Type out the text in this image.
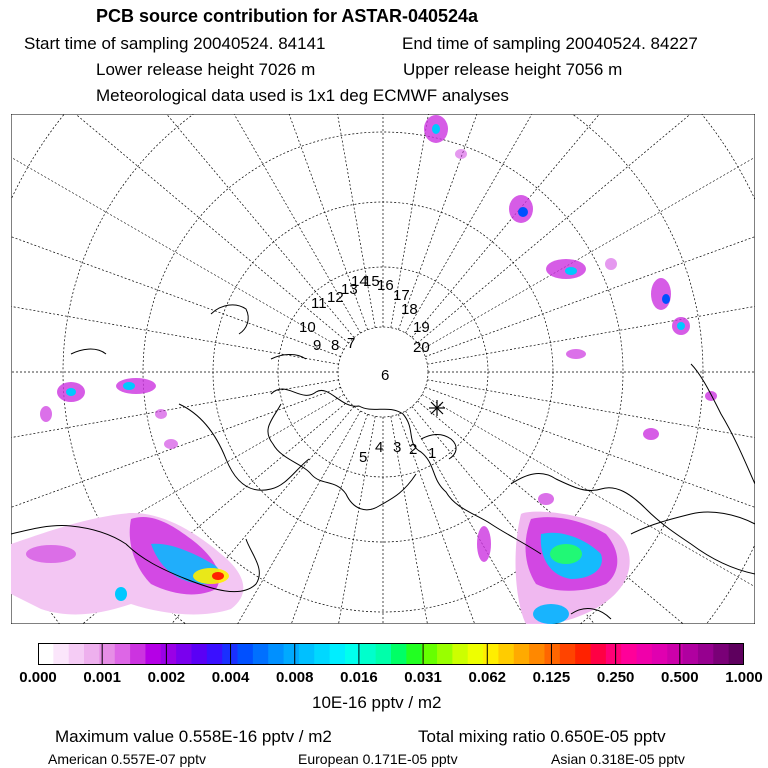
PCB source contribution for ASTAR-040524a
Start time of sampling 20040524. 84141	End time of sampling 20040524. 84227
Lower release height 7026 m	Upper release height 7056 m
Meteorological data used is 1x1 deg ECMWF analyses
1
2
3
4
5
6
7
8
9
10
11 12
13
14
15
16
17
18
19
20
0.000 0.001 0.002 0.004 0.008 0.016 0.031 0.062 0.125 0.250 0.500 1.000
10E-16 pptv / m2
Maximum value 0.558E-16 pptv / m2	Total mixing ratio 0.650E-05 pptv
American 0.557E-07 pptv	European 0.171E-05 pptv	Asian 0.318E-05 pptv
